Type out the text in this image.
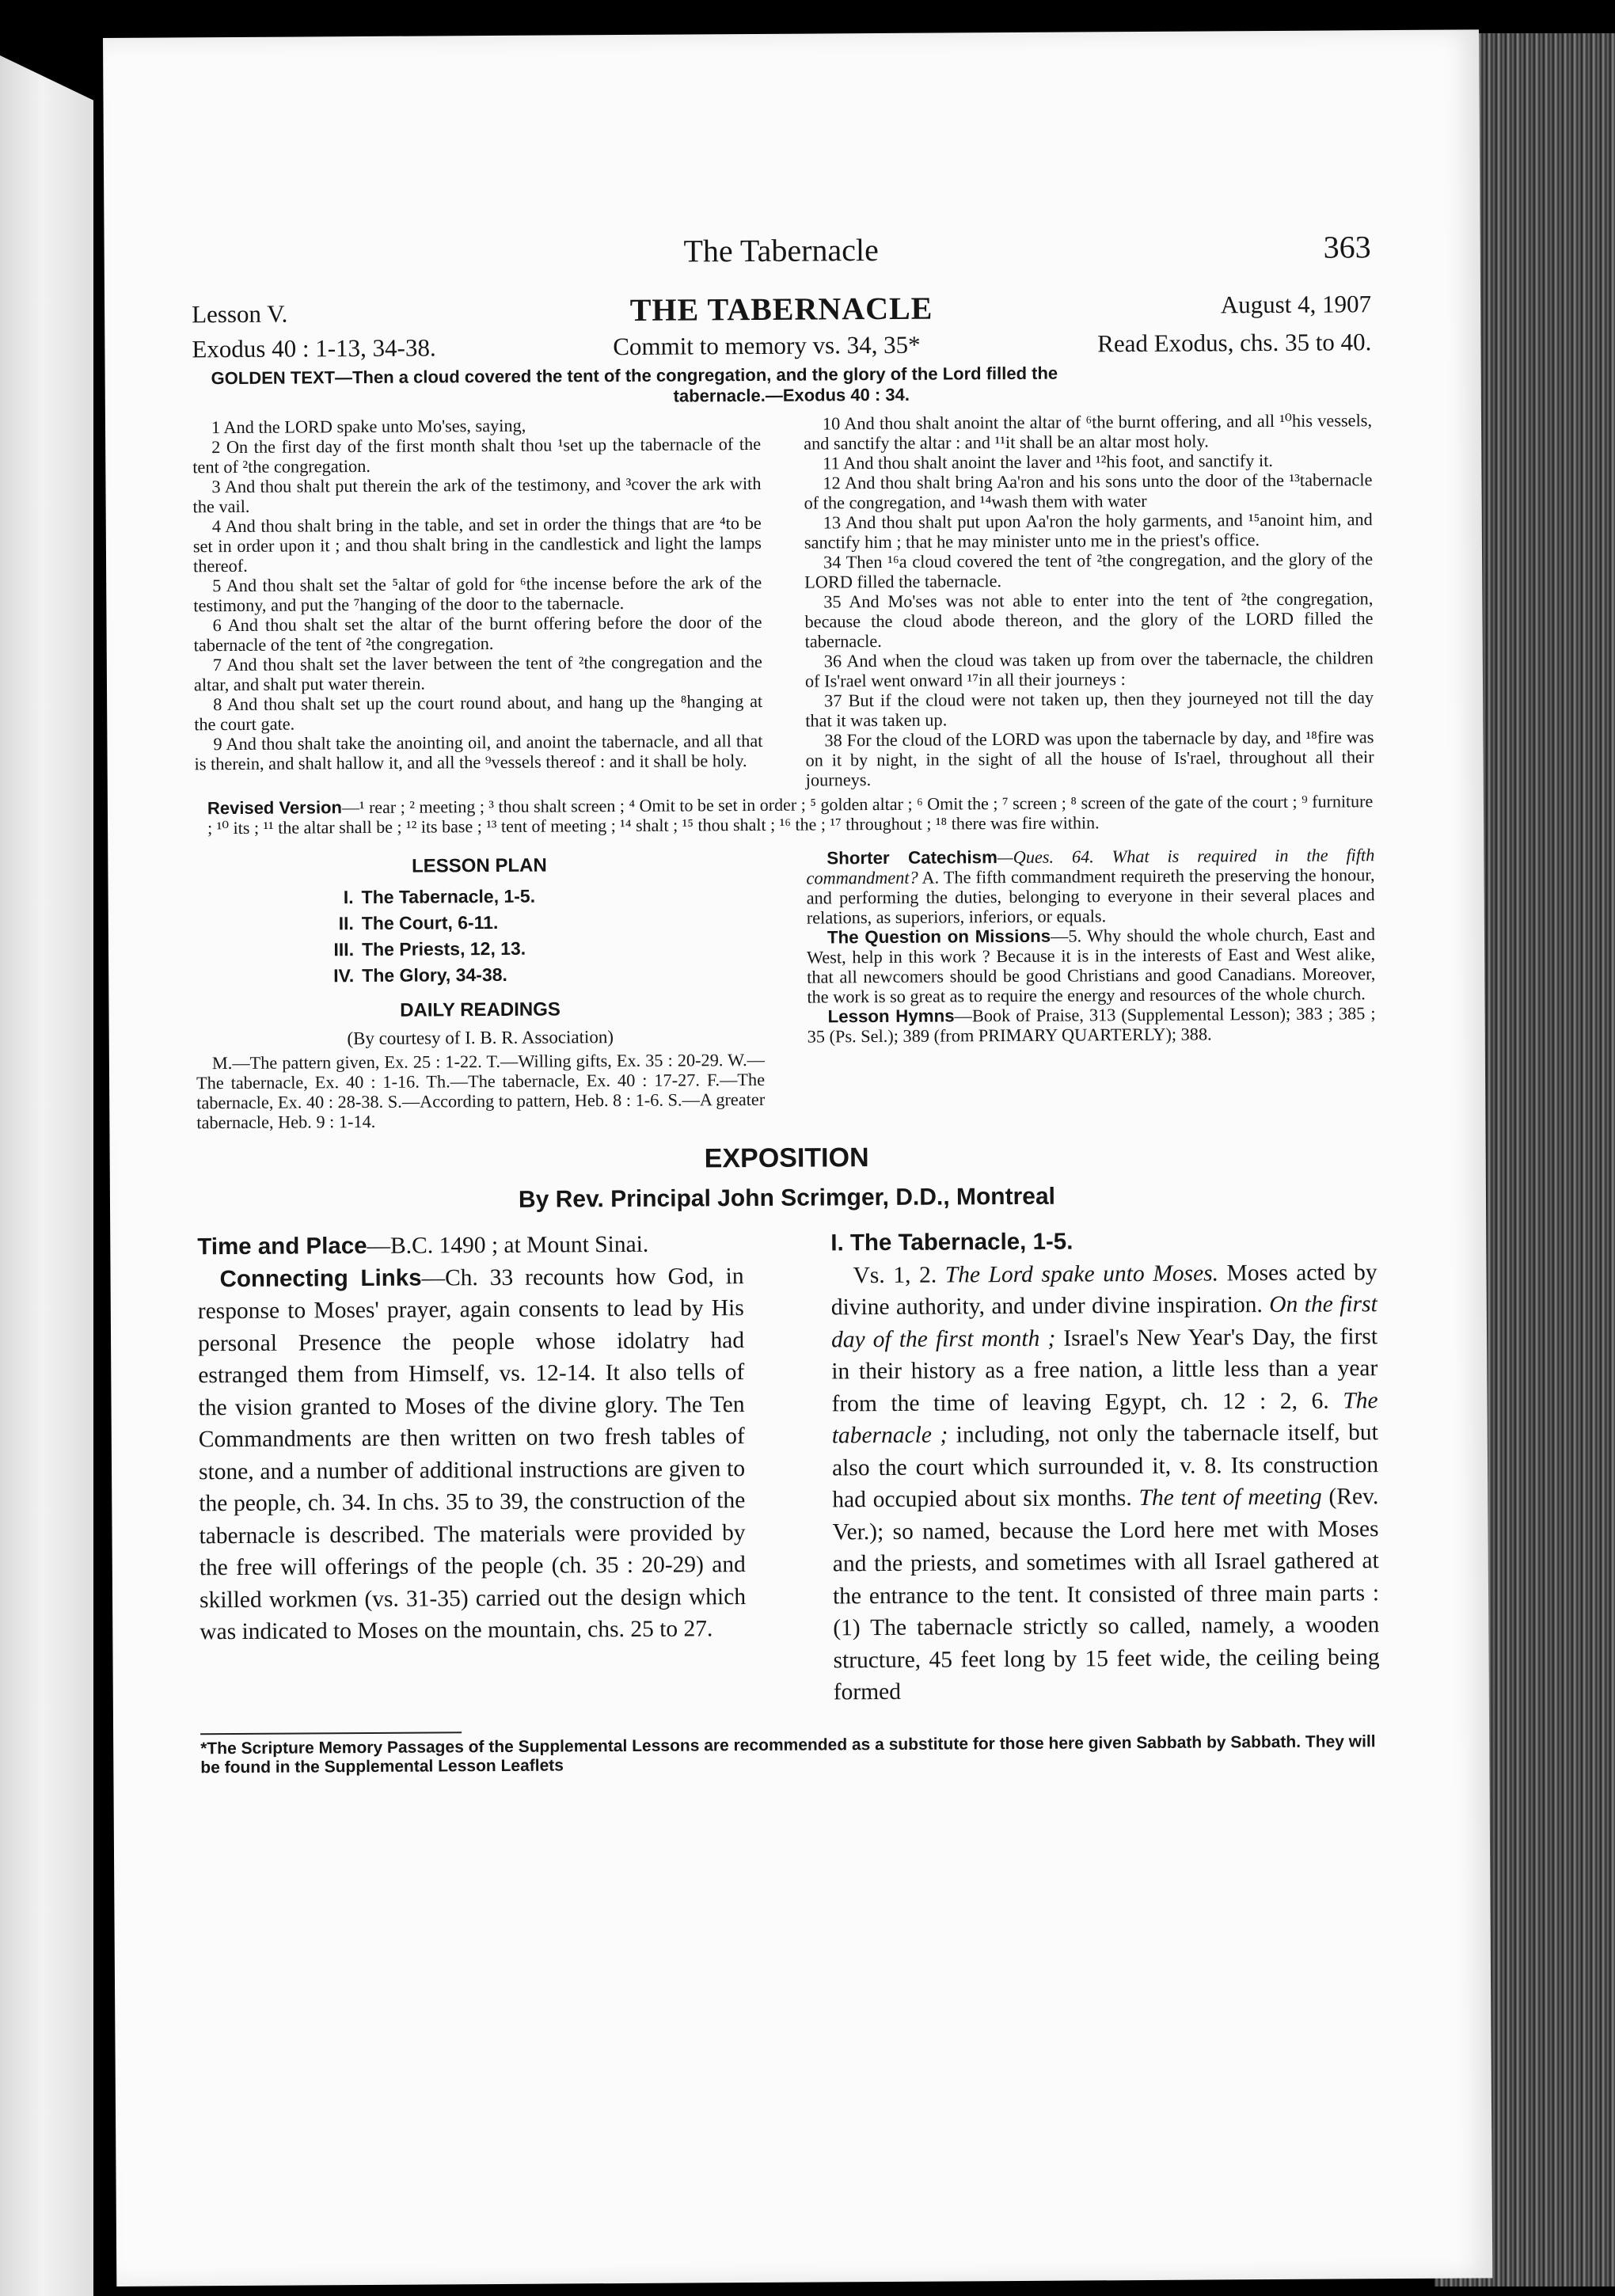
The Tabernacle	363
Lesson V.	THE TABERNACLE	August 4, 1907
Exodus 40 : 1-13, 34-38.	Commit to memory vs. 34, 35*	Read Exodus, chs. 35 to 40.
GOLDEN TEXT—Then a cloud covered the tent of the congregation, and the glory of the Lord filled the
tabernacle.—Exodus 40 : 34.

1 And the LORD spake unto Mo'ses, saying,

2 On the first day of the first month shalt thou ¹set up the tabernacle of the tent of ²the congregation.

3 And thou shalt put therein the ark of the testimony, and ³cover the ark with the vail.

4 And thou shalt bring in the table, and set in order the things that are ⁴to be set in order upon it ; and thou shalt bring in the candlestick and light the lamps thereof.

5 And thou shalt set the ⁵altar of gold for ⁶the incense before the ark of the testimony, and put the ⁷hanging of the door to the tabernacle.

6 And thou shalt set the altar of the burnt offering before the door of the tabernacle of the tent of ²the congregation.

7 And thou shalt set the laver between the tent of ²the congregation and the altar, and shalt put water therein.

8 And thou shalt set up the court round about, and hang up the ⁸hanging at the court gate.

9 And thou shalt take the anointing oil, and anoint the tabernacle, and all that is therein, and shalt hallow it, and all the ⁹vessels thereof : and it shall be holy.

10 And thou shalt anoint the altar of ⁶the burnt offering, and all ¹⁰his vessels, and sanctify the altar : and ¹¹it shall be an altar most holy.

11 And thou shalt anoint the laver and ¹²his foot, and sanctify it.

12 And thou shalt bring Aa'ron and his sons unto the door of the ¹³tabernacle of the congregation, and ¹⁴wash them with water

13 And thou shalt put upon Aa'ron the holy garments, and ¹⁵anoint him, and sanctify him ; that he may minister unto me in the priest's office.

34 Then ¹⁶a cloud covered the tent of ²the congregation, and the glory of the LORD filled the tabernacle.

35 And Mo'ses was not able to enter into the tent of ²the congregation, because the cloud abode thereon, and the glory of the LORD filled the tabernacle.

36 And when the cloud was taken up from over the tabernacle, the children of Is'rael went onward ¹⁷in all their journeys :

37 But if the cloud were not taken up, then they journeyed not till the day that it was taken up.

38 For the cloud of the LORD was upon the tabernacle by day, and ¹⁸fire was on it by night, in the sight of all the house of Is'rael, throughout all their journeys.

Revised Version—¹ rear ; ² meeting ; ³ thou shalt screen ; ⁴ Omit to be set in order ; ⁵ golden altar ; ⁶ Omit the ; ⁷ screen ; ⁸ screen of the gate of the court ; ⁹ furniture ; ¹⁰ its ; ¹¹ the altar shall be ; ¹² its base ; ¹³ tent of meeting ; ¹⁴ shalt ; ¹⁵ thou shalt ; ¹⁶ the ; ¹⁷ throughout ; ¹⁸ there was fire within.
LESSON PLAN
I. The Tabernacle, 1-5.
II. The Court, 6-11.
III. The Priests, 12, 13.
IV. The Glory, 34-38.
DAILY READINGS
(By courtesy of I. B. R. Association)
M.—The pattern given, Ex. 25 : 1-22. T.—Willing gifts, Ex. 35 : 20-29. W.—The tabernacle, Ex. 40 : 1-16. Th.—The tabernacle, Ex. 40 : 17-27. F.—The tabernacle, Ex. 40 : 28-38. S.—According to pattern, Heb. 8 : 1-6. S.—A greater tabernacle, Heb. 9 : 1-14.

Shorter Catechism—Ques. 64. What is required in the fifth commandment? A. The fifth commandment requireth the preserving the honour, and performing the duties, belonging to everyone in their several places and relations, as superiors, inferiors, or equals.

The Question on Missions—5. Why should the whole church, East and West, help in this work ? Because it is in the interests of East and West alike, that all newcomers should be good Christians and good Canadians. Moreover, the work is so great as to require the energy and resources of the whole church.

Lesson Hymns—Book of Praise, 313 (Supplemental Lesson); 383 ; 385 ; 35 (Ps. Sel.); 389 (from PRIMARY QUARTERLY); 388.

EXPOSITION
By Rev. Principal John Scrimger, D.D., Montreal

Time and Place—B.C. 1490 ; at Mount Sinai.

Connecting Links—Ch. 33 recounts how God, in response to Moses' prayer, again consents to lead by His personal Presence the people whose idolatry had estranged them from Himself, vs. 12-14. It also tells of the vision granted to Moses of the divine glory. The Ten Commandments are then written on two fresh tables of stone, and a number of additional instructions are given to the people, ch. 34. In chs. 35 to 39, the construction of the tabernacle is described. The materials were provided by the free will offerings of the people (ch. 35 : 20-29) and skilled workmen (vs. 31-35) carried out the design which was indicated to Moses on the mountain, chs. 25 to 27.

I. The Tabernacle, 1-5.

Vs. 1, 2. The Lord spake unto Moses. Moses acted by divine authority, and under divine inspiration. On the first day of the first month ; Israel's New Year's Day, the first in their history as a free nation, a little less than a year from the time of leaving Egypt, ch. 12 : 2, 6. The tabernacle ; including, not only the tabernacle itself, but also the court which surrounded it, v. 8. Its construction had occupied about six months. The tent of meeting (Rev. Ver.); so named, because the Lord here met with Moses and the priests, and sometimes with all Israel gathered at the entrance to the tent. It consisted of three main parts : (1) The tabernacle strictly so called, namely, a wooden structure, 45 feet long by 15 feet wide, the ceiling being formed

*The Scripture Memory Passages of the Supplemental Lessons are recommended as a substitute for those here given Sabbath by Sabbath. They will be found in the Supplemental Lesson Leaflets
